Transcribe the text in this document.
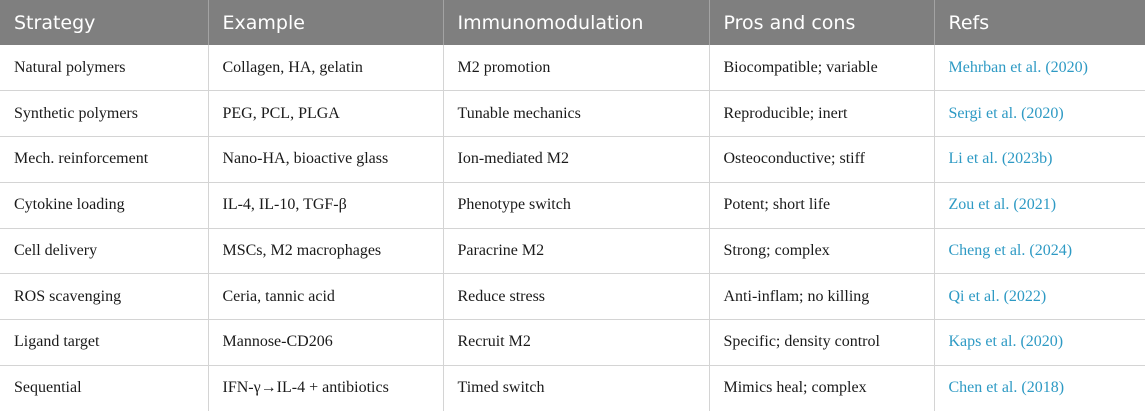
Strategy	Example	Immunomodulation	Pros and cons	Refs
Natural polymers	Collagen, HA, gelatin	M2 promotion	Biocompatible; variable	Mehrban et al. (2020)
Synthetic polymers	PEG, PCL, PLGA	Tunable mechanics	Reproducible; inert	Sergi et al. (2020)
Mech. reinforcement	Nano-HA, bioactive glass	Ion-mediated M2	Osteoconductive; stiff	Li et al. (2023b)
Cytokine loading	IL-4, IL-10, TGF-β	Phenotype switch	Potent; short life	Zou et al. (2021)
Cell delivery	MSCs, M2 macrophages	Paracrine M2	Strong; complex	Cheng et al. (2024)
ROS scavenging	Ceria, tannic acid	Reduce stress	Anti-inflam; no killing	Qi et al. (2022)
Ligand target	Mannose-CD206	Recruit M2	Specific; density control	Kaps et al. (2020)
Sequential	IFN-γ→IL-4 + antibiotics	Timed switch	Mimics heal; complex	Chen et al. (2018)
